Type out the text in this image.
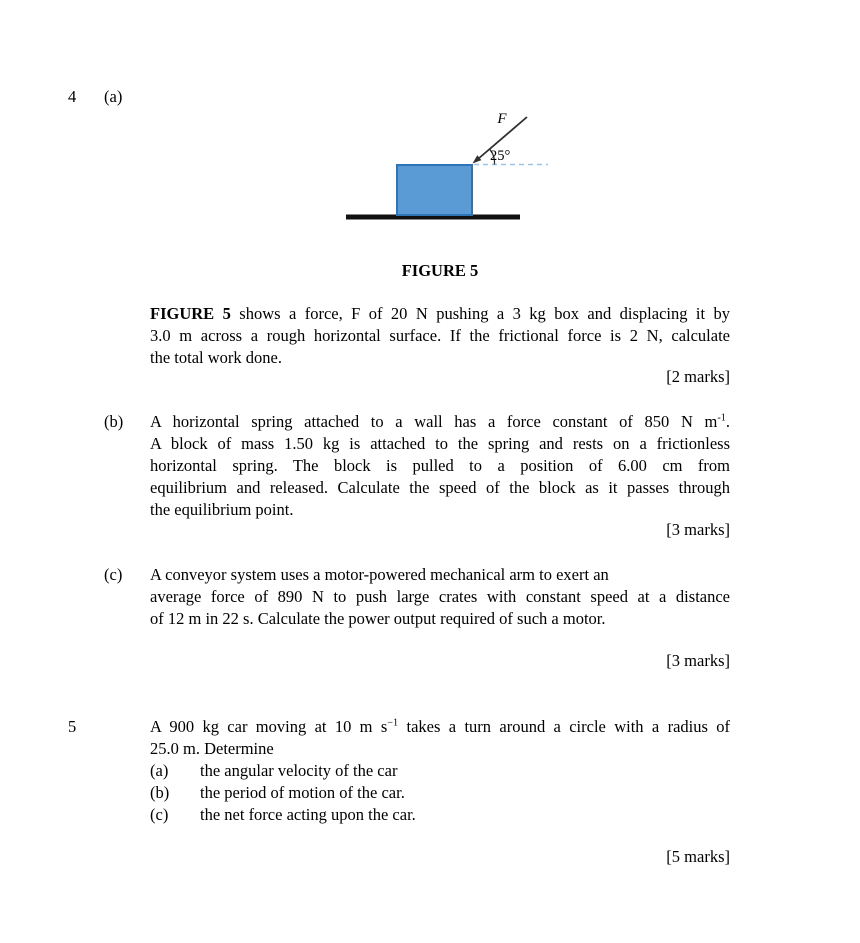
4 (a)
F
25°
FIGURE 5
FIGURE 5 shows a force, F of 20 N pushing a 3 kg box and displacing it by
3.0 m across a rough horizontal surface. If the frictional force is 2 N, calculate
the total work done.
[2 marks]
(b) A horizontal spring attached to a wall has a force constant of 850 N $m^{-1}$.
A block of mass 1.50 kg is attached to the spring and rests on a frictionless
horizontal spring. The block is pulled to a position of 6.00 cm from
equilibrium and released. Calculate the speed of the block as it passes through
the equilibrium point.
[3 marks]
(c) A conveyor system uses a motor-powered mechanical arm to exert an
average force of 890 N to push large crates with constant speed at a distance
of 12 m in 22 s. Calculate the power output required of such a motor.
[3 marks]
5	A 900 kg car moving at 10 m $s^{-1}$ takes a turn around a circle with a radius of
25.0 m. Determine
(a) the angular velocity of the car
(b) the period of motion of the car.
(c) the net force acting upon the car.
[5 marks]
